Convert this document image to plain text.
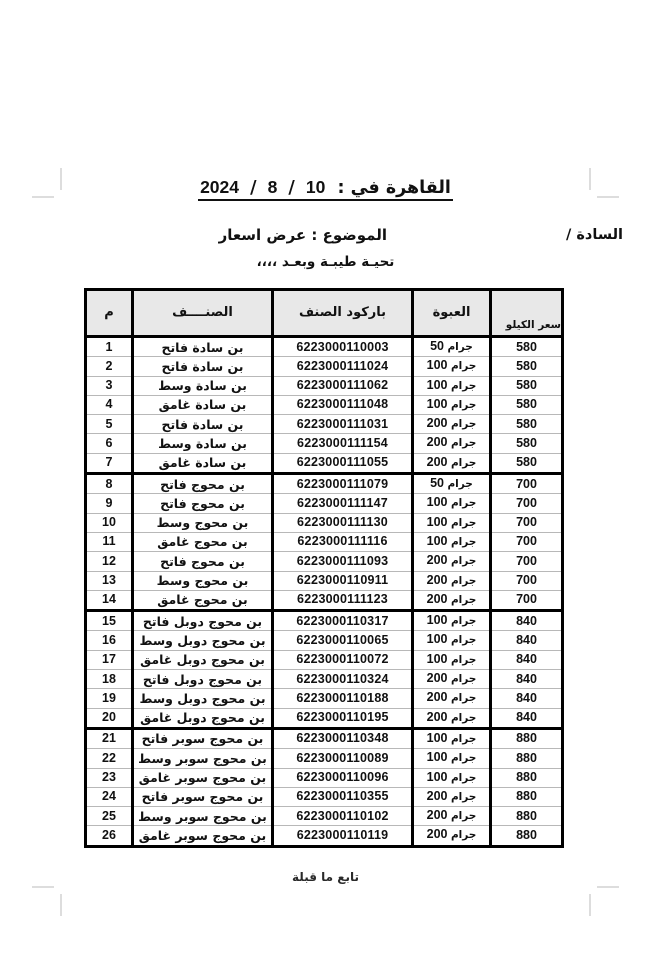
القاهرة في : 10 / 8 / 2024
السادة /
الموضوع : عرض اسعار
تحيـة طيبـة وبعـد ،،،،
سعر الكيلو	العبوة	باركود الصنف	الصنــــف	م
580	جرام 50	6223000110003	بن سادة فاتح	1
580	جرام 100	6223000111024	بن سادة فاتح	2
580	جرام 100	6223000111062	بن سادة وسط	3
580	جرام 100	6223000111048	بن سادة غامق	4
580	جرام 200	6223000111031	بن سادة فاتح	5
580	جرام 200	6223000111154	بن سادة وسط	6
580	جرام 200	6223000111055	بن سادة غامق	7
700	جرام 50	6223000111079	بن محوج فاتح	8
700	جرام 100	6223000111147	بن محوج فاتح	9
700	جرام 100	6223000111130	بن محوج وسط	10
700	جرام 100	6223000111116	بن محوج غامق	11
700	جرام 200	6223000111093	بن محوج فاتح	12
700	جرام 200	6223000110911	بن محوج وسط	13
700	جرام 200	6223000111123	بن محوج غامق	14
840	جرام 100	6223000110317	بن محوج دوبل فاتح	15
840	جرام 100	6223000110065	بن محوج دوبل وسط	16
840	جرام 100	6223000110072	بن محوج دوبل غامق	17
840	جرام 200	6223000110324	بن محوج دوبل فاتح	18
840	جرام 200	6223000110188	بن محوج دوبل وسط	19
840	جرام 200	6223000110195	بن محوج دوبل غامق	20
880	جرام 100	6223000110348	بن محوج سوبر فاتح	21
880	جرام 100	6223000110089	بن محوج سوبر وسط	22
880	جرام 100	6223000110096	بن محوج سوبر غامق	23
880	جرام 200	6223000110355	بن محوج سوبر فاتح	24
880	جرام 200	6223000110102	بن محوج سوبر وسط	25
880	جرام 200	6223000110119	بن محوج سوبر غامق	26
تابع ما قبلة
